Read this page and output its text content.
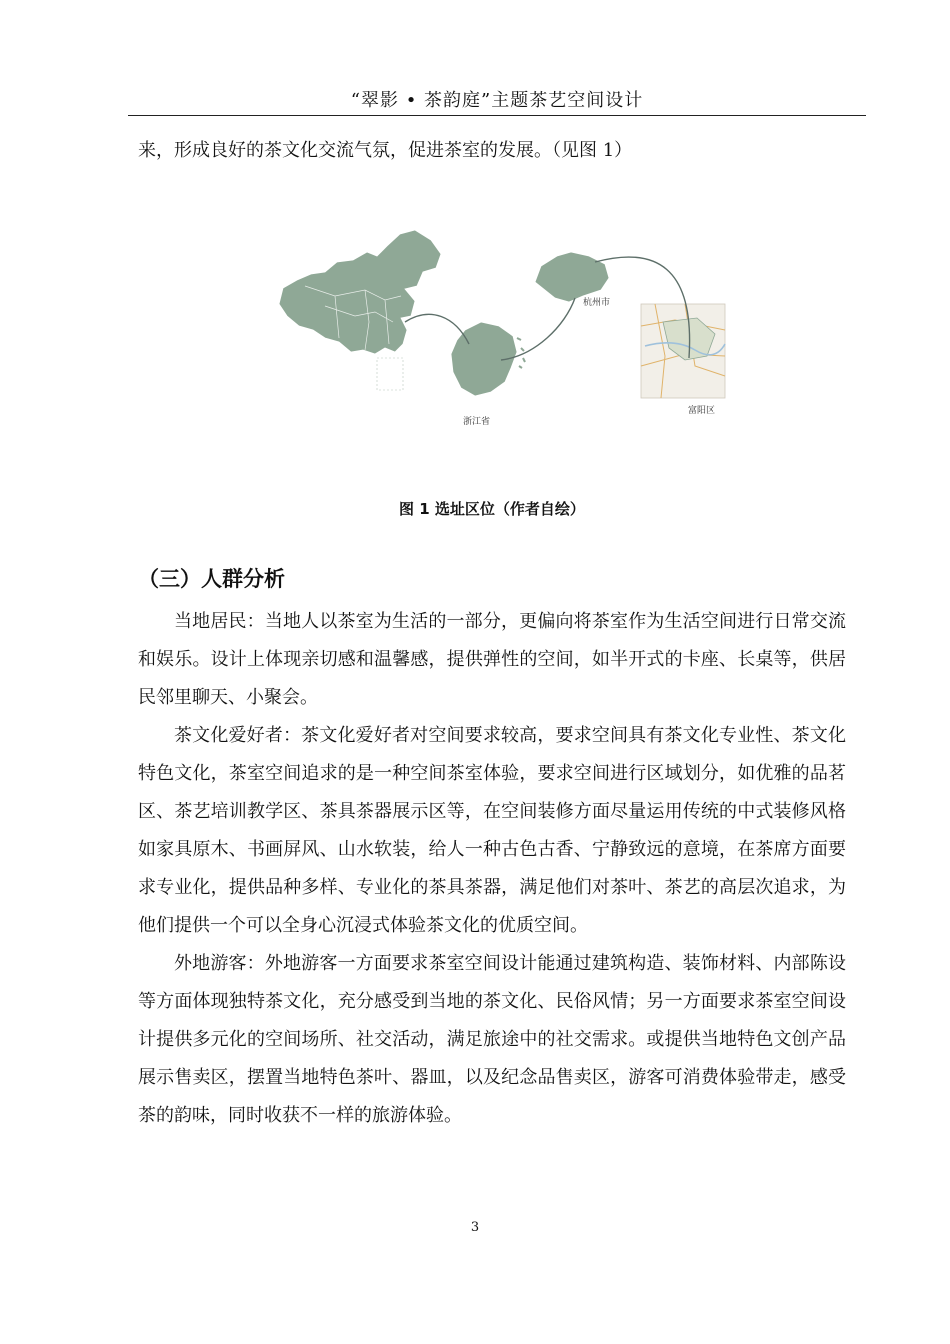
“翠影 • 茶韵庭”主题茶艺空间设计
来，形成良好的茶文化交流气氛，促进茶室的发展。（见图 1）
浙江省
杭州市
富阳区
图 1 选址区位（作者自绘）
（三）人群分析

当地居民：当地人以茶室为生活的一部分，更偏向将茶室作为生活空间进行日常交流和娱乐。设计上体现亲切感和温馨感，提供弹性的空间，如半开式的卡座、长桌等，供居民邻里聊天、小聚会。

茶文化爱好者：茶文化爱好者对空间要求较高，要求空间具有茶文化专业性、茶文化特色文化，茶室空间追求的是一种空间茶室体验，要求空间进行区域划分，如优雅的品茗区、茶艺培训教学区、茶具茶器展示区等，在空间装修方面尽量运用传统的中式装修风格如家具原木、书画屏风、山水软装，给人一种古色古香、宁静致远的意境，在茶席方面要求专业化，提供品种多样、专业化的茶具茶器，满足他们对茶叶、茶艺的高层次追求，为他们提供一个可以全身心沉浸式体验茶文化的优质空间。

外地游客：外地游客一方面要求茶室空间设计能通过建筑构造、装饰材料、内部陈设等方面体现独特茶文化，充分感受到当地的茶文化、民俗风情；另一方面要求茶室空间设计提供多元化的空间场所、社交活动，满足旅途中的社交需求。或提供当地特色文创产品展示售卖区，摆置当地特色茶叶、器皿，以及纪念品售卖区，游客可消费体验带走，感受茶的韵味，同时收获不一样的旅游体验。

3
